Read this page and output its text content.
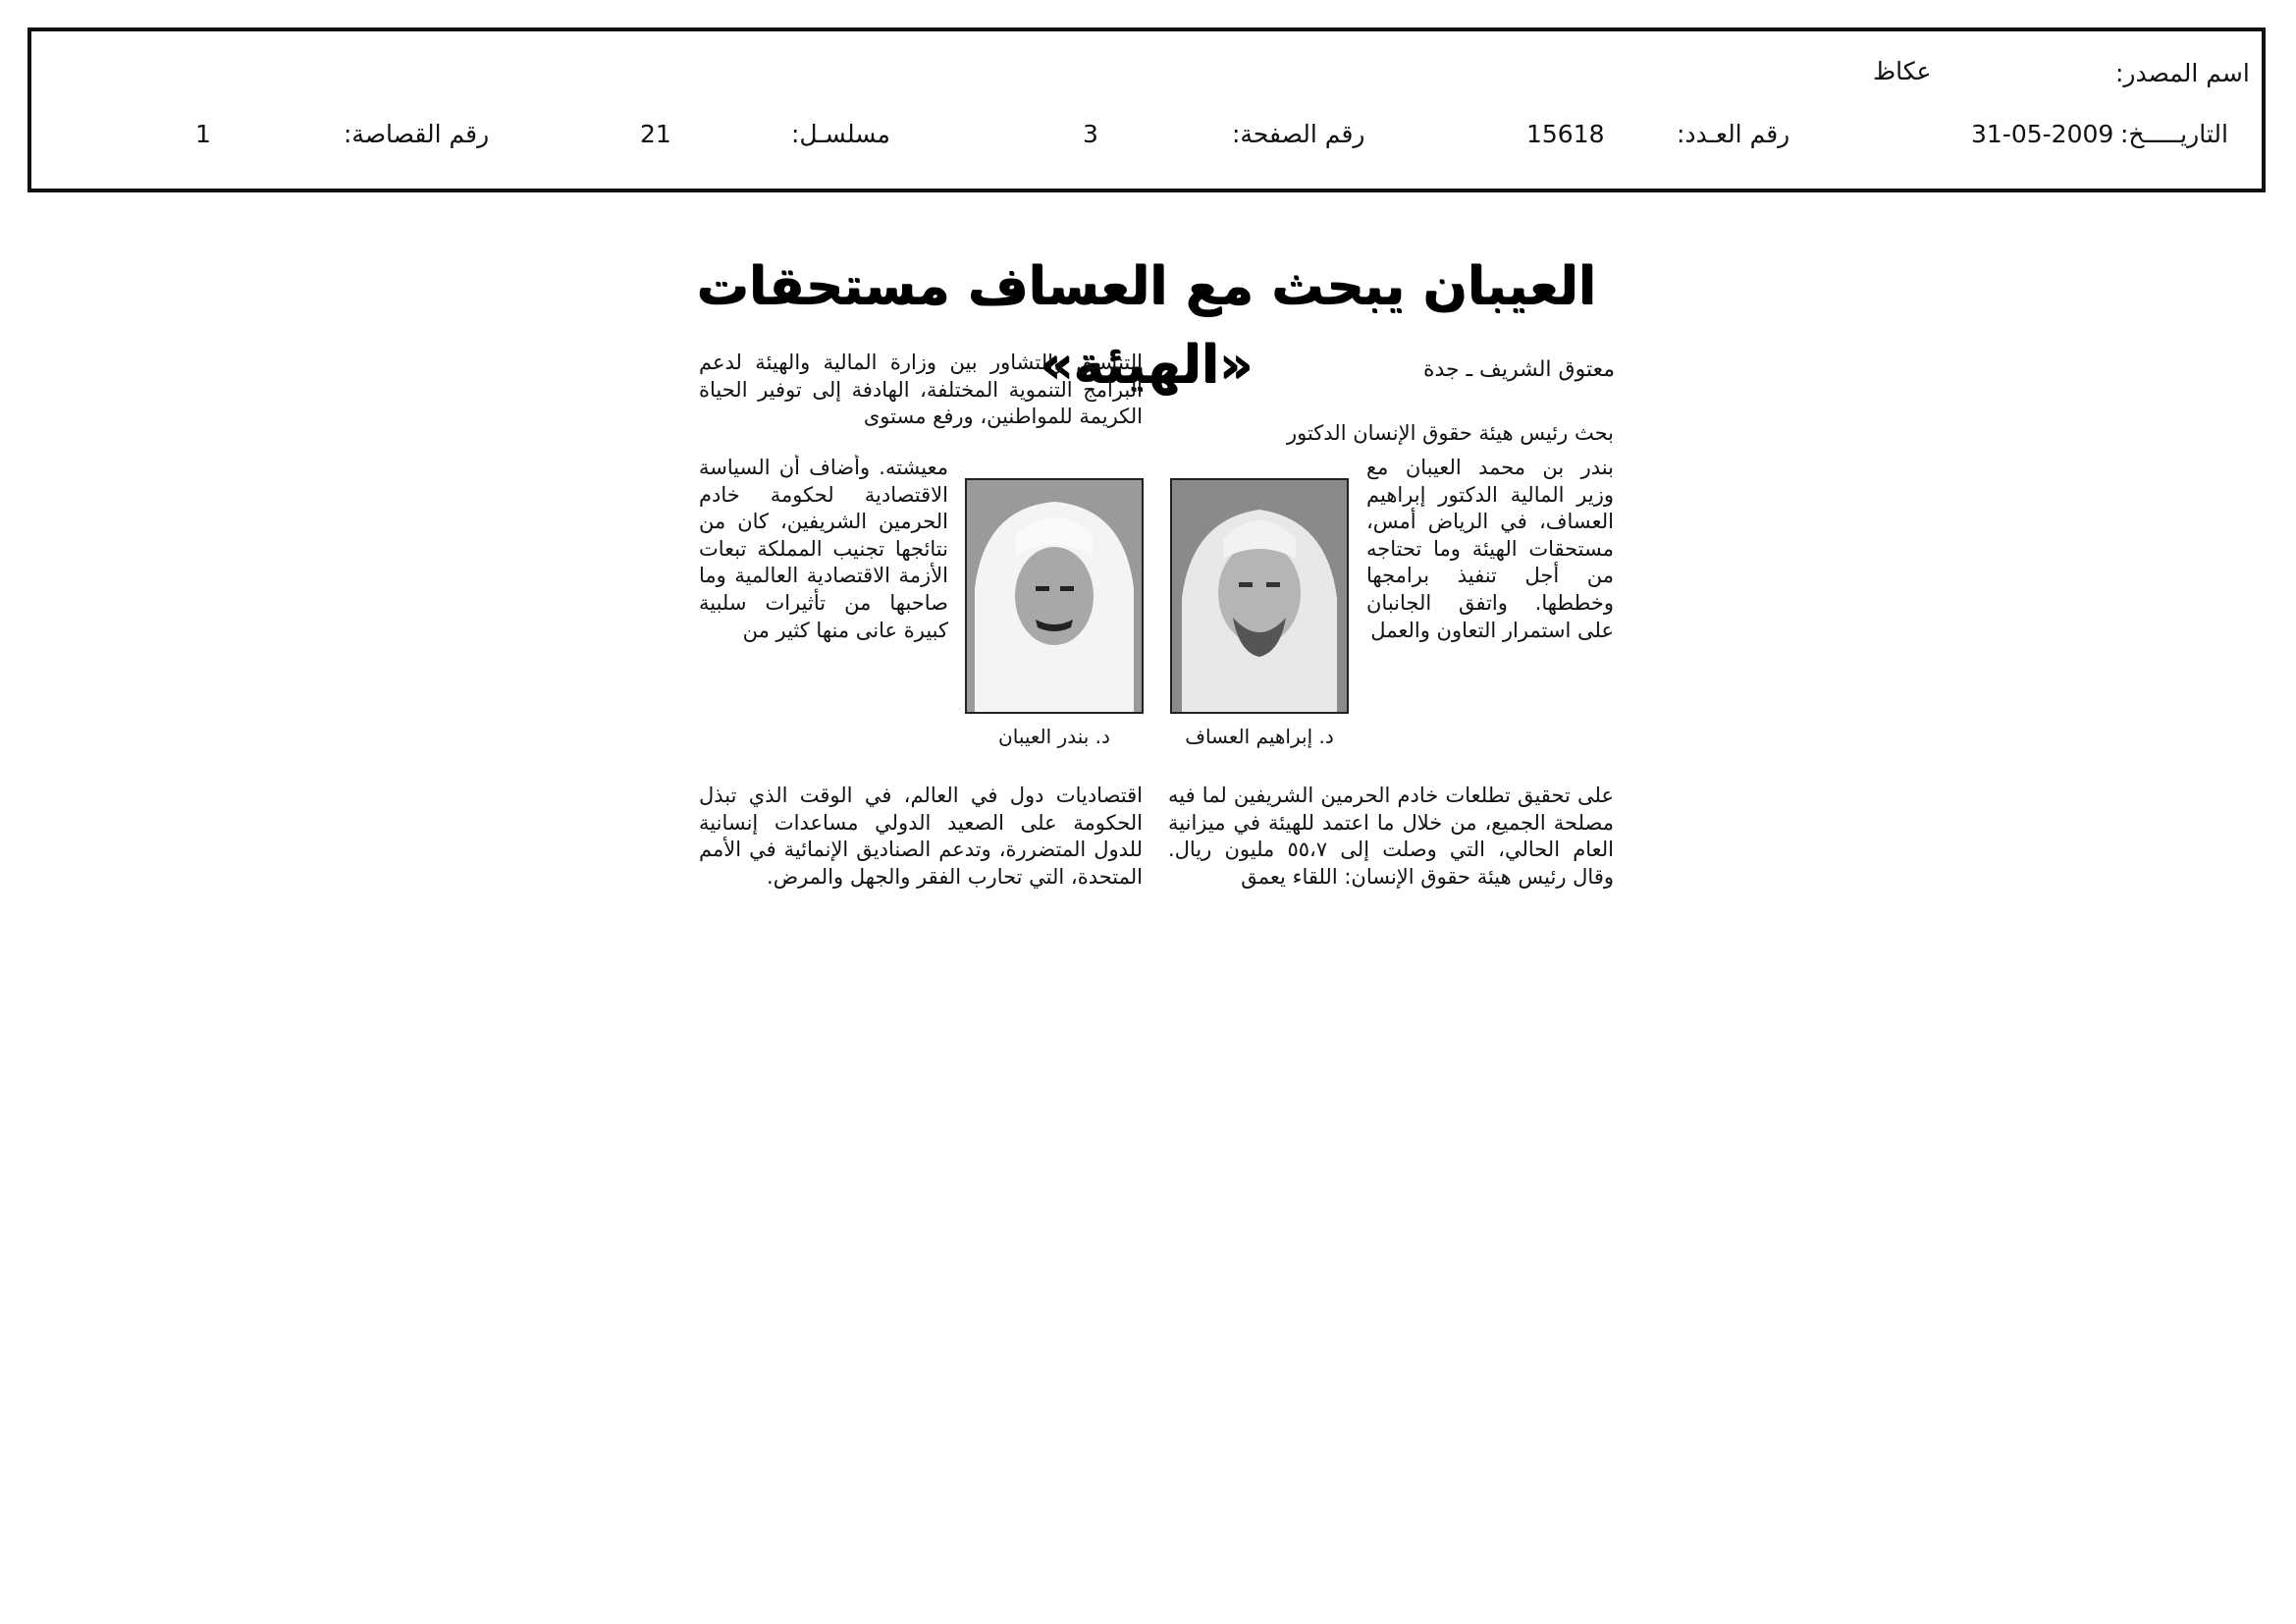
اسم المصدر:
عكاظ
التاريـــــخ:
31-05-2009
رقم العـدد:
15618
رقم الصفحة:
3
مسلسـل:
21
رقم القصاصة:
1
العيبان يبحث مع العساف مستحقات «الهيئة»	معتوق الشريف ـ جدة
بحث رئيس هيئة حقوق الإنسان الدكتور
د. إبراهيم العساف
بندر بن محمد العيبان مع وزير المالية الدكتور إبراهيم العساف، في الرياض أمس، مستحقات الهيئة وما تحتاجه من أجل تنفيذ برامجها وخططها. واتفق الجانبان على استمرار التعاون والعمل
على تحقيق تطلعات خادم الحرمين الشريفين لما فيه مصلحة الجميع، من خلال ما اعتمد للهيئة في ميزانية العام الحالي، التي وصلت إلى ٥٥،٧ مليون ريال. وقال رئيس هيئة حقوق الإنسان: اللقاء يعمق
التنسيق والتشاور بين وزارة المالية والهيئة لدعم البرامج التنموية المختلفة، الهادفة إلى توفير الحياة الكريمة للمواطنين، ورفع مستوى
د. بندر العيبان
معيشته. وأضاف أن السياسة الاقتصادية لحكومة خادم الحرمين الشريفين، كان من نتائجها تجنيب المملكة تبعات الأزمة الاقتصادية العالمية وما صاحبها من تأثيرات سلبية كبيرة عانى منها كثير من
اقتصاديات دول في العالم، في الوقت الذي تبذل الحكومة على الصعيد الدولي مساعدات إنسانية للدول المتضررة، وتدعم الصناديق الإنمائية في الأمم المتحدة، التي تحارب الفقر والجهل والمرض.
